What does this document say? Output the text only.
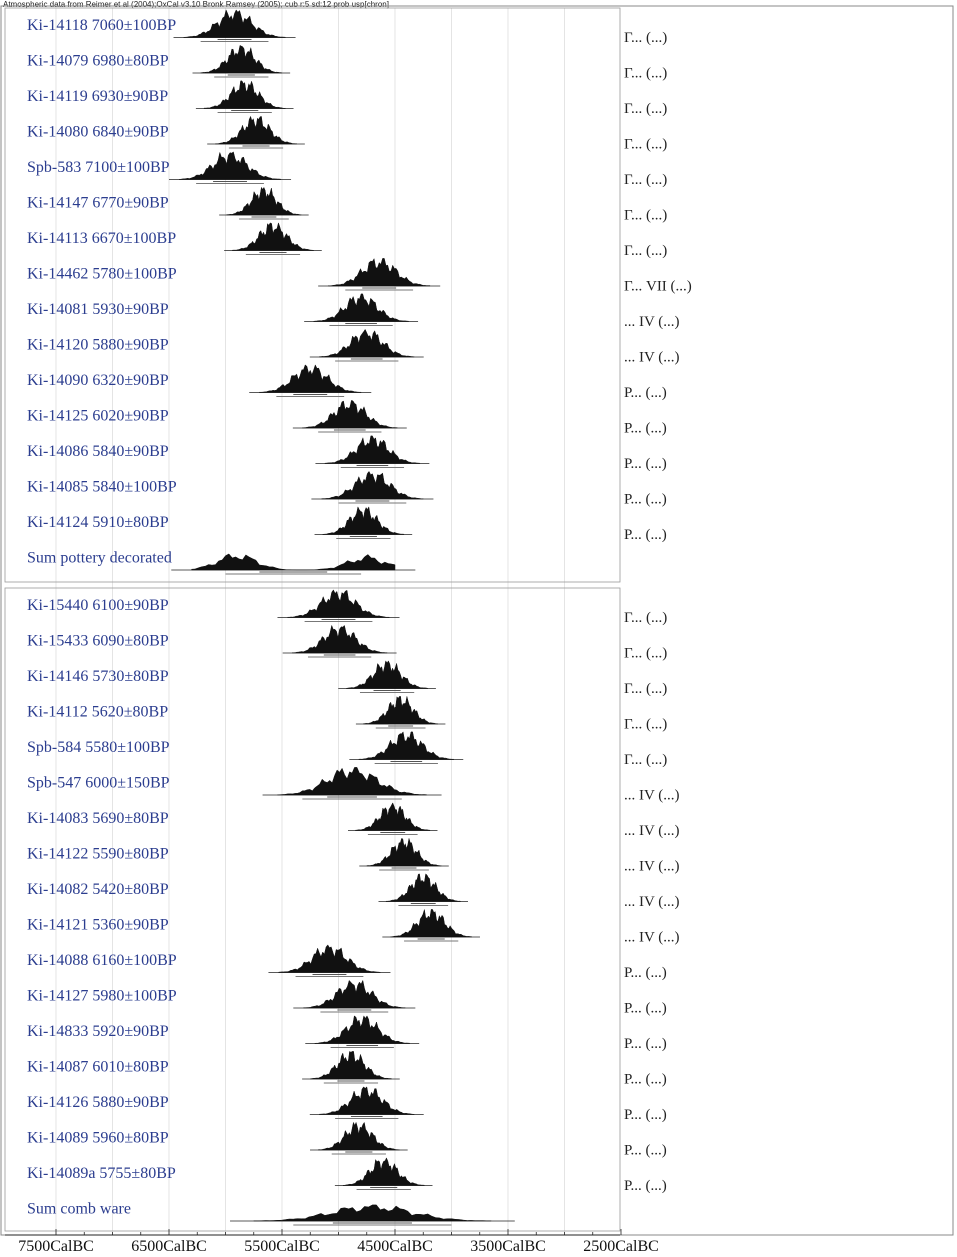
Atmospheric data from Reimer et al (2004);OxCal v3.10 Bronk Ramsey (2005); cub r:5 sd:12 prob usp[chron]
Ki-14118 7060±100BP
Ki-14079 6980±80BP
Ki-14119 6930±90BP
Ki-14080 6840±90BP
Spb-583 7100±100BP
Ki-14147 6770±90BP
Ki-14113 6670±100BP
Ki-14462 5780±100BP
Ki-14081 5930±90BP
Ki-14120 5880±90BP
Ki-14090 6320±90BP
Ki-14125 6020±90BP
Ki-14086 5840±90BP
Ki-14085 5840±100BP
Ki-14124 5910±80BP
Sum pottery decorated
Ki-15440 6100±90BP
Ki-15433 6090±80BP
Ki-14146 5730±80BP
Ki-14112 5620±80BP
Spb-584 5580±100BP
Spb-547 6000±150BP
Ki-14083 5690±80BP
Ki-14122 5590±80BP
Ki-14082 5420±80BP
Ki-14121 5360±90BP
Ki-14088 6160±100BP
Ki-14127 5980±100BP
Ki-14833 5920±90BP
Ki-14087 6010±80BP
Ki-14126 5880±90BP
Ki-14089 5960±80BP
Ki-14089a 5755±80BP
Sum comb ware
Г... (...)
Г... (...)
Г... (...)
Г... (...)
Г... (...)
Г... (...)
Г... (...)
Г... VII (...)
... IV (...)
... IV (...)
Р... (...)
Р... (...)
Р... (...)
Р... (...)
Р... (...)
Г... (...)
Г... (...)
Г... (...)
Г... (...)
Г... (...)
... IV (...)
... IV (...)
... IV (...)
... IV (...)
... IV (...)
Р... (...)
Р... (...)
Р... (...)
Р... (...)
Р... (...)
Р... (...)
Р... (...)
7500CalBC 6500CalBC 5500CalBC 4500CalBC 3500CalBC 2500CalBC
